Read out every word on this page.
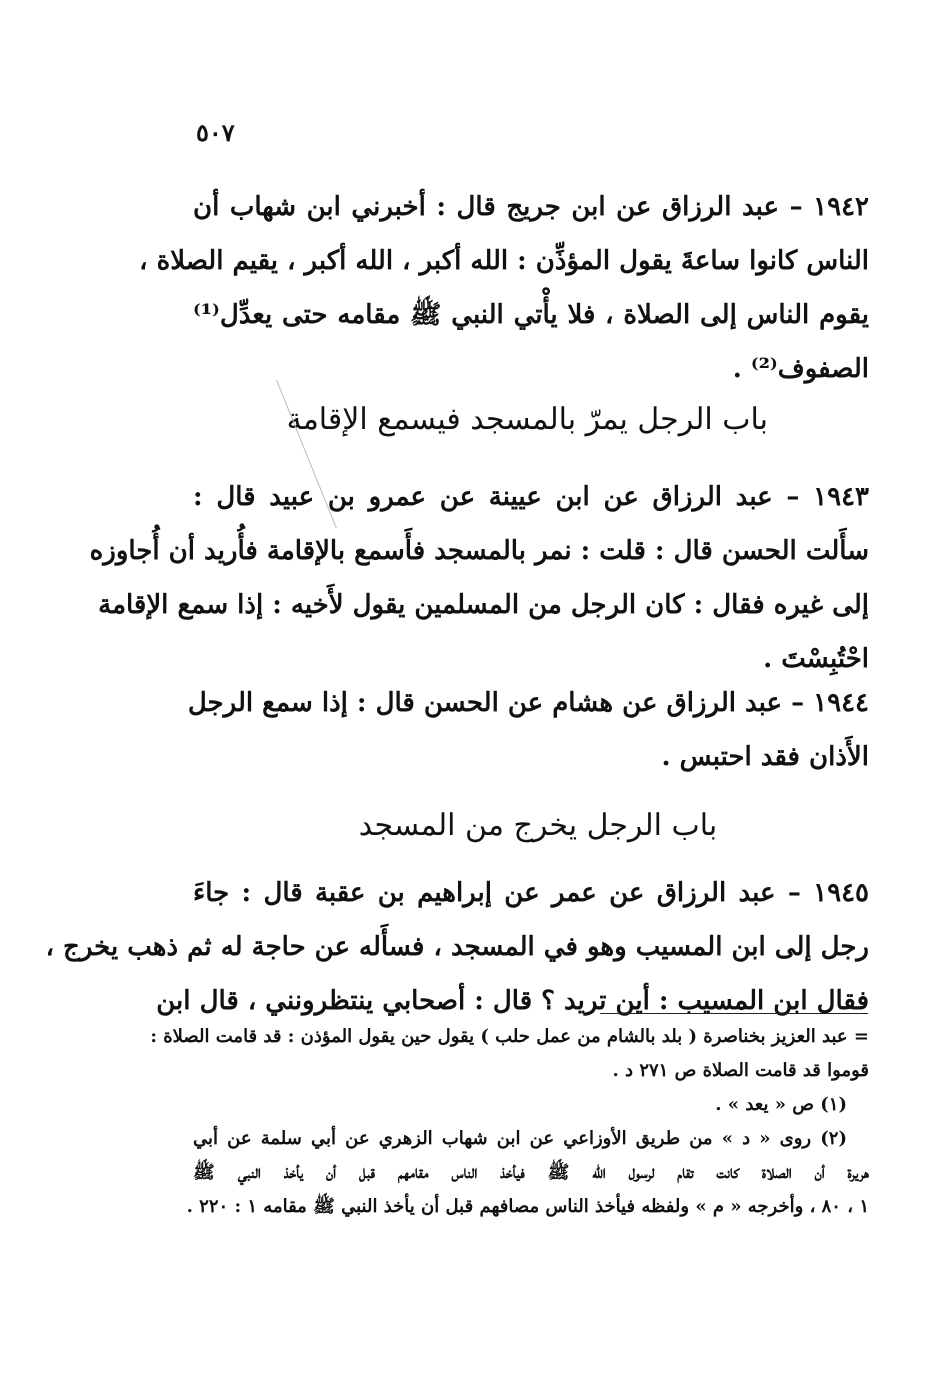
٥٠٧
١٩٤٢ – عبد الرزاق عن ابن جريج قال : أخبرني ابن شهاب أن
الناس كانوا ساعةَ يقول المؤذِّن : الله أكبر ، الله أكبر ، يقيم الصلاة ،
يقوم الناس إلى الصلاة ، فلا يأْتي النبي ﷺ مقامه حتى يعدِّل⁽¹⁾
الصفوف⁽²⁾ .
باب الرجل يمرّ بالمسجد فيسمع الإقامة
١٩٤٣ – عبد الرزاق عن ابن عيينة عن عمرو بن عبيد قال :
سأَلت الحسن قال : قلت : نمر بالمسجد فأَسمع بالإقامة فأُريد أن أُجاوزه
إلى غيره فقال : كان الرجل من المسلمين يقول لأَخيه : إذا سمع الإقامة
احْتُبِسْتَ .
١٩٤٤ – عبد الرزاق عن هشام عن الحسن قال : إذا سمع الرجل
الأَذان فقد احتبس .
باب الرجل يخرج من المسجد
١٩٤٥ – عبد الرزاق عن عمر عن إبراهيم بن عقبة قال : جاءَ
رجل إلى ابن المسيب وهو في المسجد ، فسأَله عن حاجة له ثم ذهب يخرج ،
فقال ابن المسيب : أين تريد ؟ قال : أصحابي ينتظرونني ، قال ابن
= عبد العزيز بخناصرة ( بلد بالشام من عمل حلب ) يقول حين يقول المؤذن : قد قامت الصلاة :
قوموا قد قامت الصلاة ص ٢٧١ د .
(١) ص « يعد » .
(٢) روى « د » من طريق الأوزاعي عن ابن شهاب الزهري عن أبي سلمة عن أبي
هريرة أن الصلاة كانت تقام لرسول الله ﷺ فيأخذ الناس مقامهم قبل أن يأخذ النبي ﷺ
١ ، ٨٠ ، وأخرجه « م » ولفظه فيأخذ الناس مصافهم قبل أن يأخذ النبي ﷺ مقامه ١ : ٢٢٠ .
